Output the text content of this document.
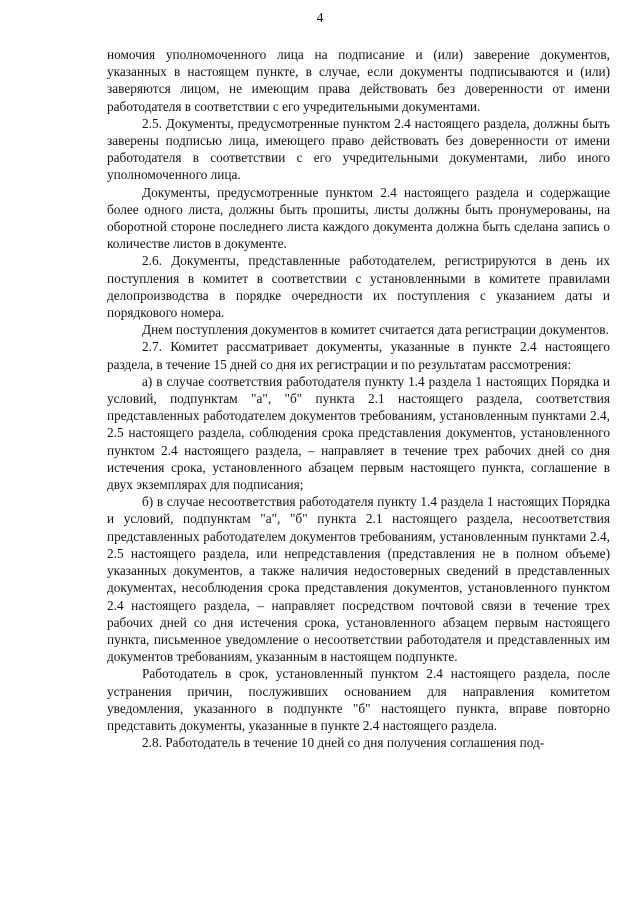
4

номочия уполномоченного лица на подписание и (или) заверение документов, указанных в настоящем пункте, в случае, если документы подписываются и (или) заверяются лицом, не имеющим права действовать без доверенности от имени работодателя в соответствии с его учредительными документами.

2.5. Документы, предусмотренные пунктом 2.4 настоящего раздела, должны быть заверены подписью лица, имеющего право действовать без доверенности от имени работодателя в соответствии с его учредительными документами, либо иного уполномоченного лица.

Документы, предусмотренные пунктом 2.4 настоящего раздела и содержащие более одного листа, должны быть прошиты, листы должны быть пронумерованы, на оборотной стороне последнего листа каждого документа должна быть сделана запись о количестве листов в документе.

2.6. Документы, представленные работодателем, регистрируются в день их поступления в комитет в соответствии с установленными в комитете правилами делопроизводства в порядке очередности их поступления с указанием даты и порядкового номера.

Днем поступления документов в комитет считается дата регистрации документов.

2.7. Комитет рассматривает документы, указанные в пункте 2.4 настоящего раздела, в течение 15 дней со дня их регистрации и по результатам рассмотрения:

а) в случае соответствия работодателя пункту 1.4 раздела 1 настоящих Порядка и условий, подпунктам "а", "б" пункта 2.1 настоящего раздела, соответствия представленных работодателем документов требованиям, установленным пунктами 2.4, 2.5 настоящего раздела, соблюдения срока представления документов, установленного пунктом 2.4 настоящего раздела, – направляет в течение трех рабочих дней со дня истечения срока, установленного абзацем первым настоящего пункта, соглашение в двух экземплярах для подписания;

б) в случае несоответствия работодателя пункту 1.4 раздела 1 настоящих Порядка и условий, подпунктам "а", "б" пункта 2.1 настоящего раздела, несоответствия представленных работодателем документов требованиям, установленным пунктами 2.4, 2.5 настоящего раздела, или непредставления (представления не в полном объеме) указанных документов, а также наличия недостоверных сведений в представленных документах, несоблюдения срока представления документов, установленного пунктом 2.4 настоящего раздела, – направляет посредством почтовой связи в течение трех рабочих дней со дня истечения срока, установленного абзацем первым настоящего пункта, письменное уведомление о несоответствии работодателя и представленных им документов требованиям, указанным в настоящем подпункте.

Работодатель в срок, установленный пунктом 2.4 настоящего раздела, после устранения причин, послуживших основанием для направления комитетом уведомления, указанного в подпункте "б" настоящего пункта, вправе повторно представить документы, указанные в пункте 2.4 настоящего раздела.

2.8. Работодатель в течение 10 дней со дня получения соглашения под-
